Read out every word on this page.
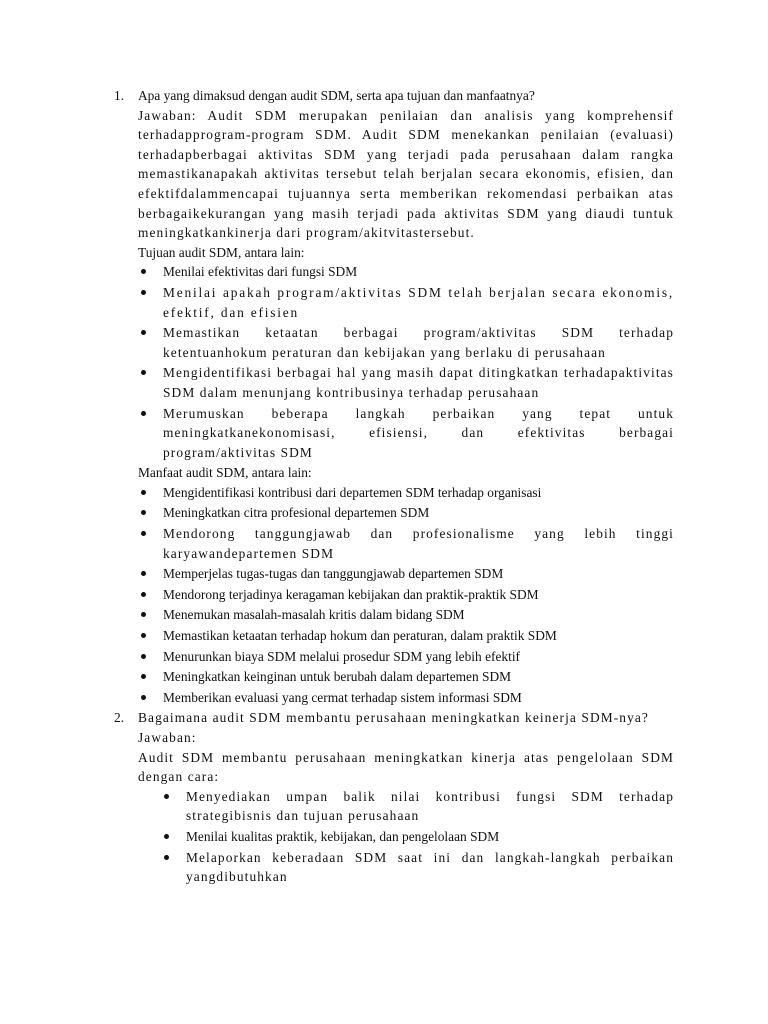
1.	Apa yang dimaksud dengan audit SDM, serta apa tujuan dan manfaatnya?

Jawaban: Audit SDM merupakan penilaian dan analisis yang komprehensif terhadapprogram-program SDM. Audit SDM menekankan penilaian (evaluasi) terhadapberbagai aktivitas SDM yang terjadi pada perusahaan dalam rangka memastikanapakah aktivitas tersebut telah berjalan secara ekonomis, efisien, dan efektifdalammencapai tujuannya serta memberikan rekomendasi perbaikan atas berbagaikekurangan yang masih terjadi pada aktivitas SDM yang diaudi tuntuk meningkatkankinerja dari program/akitvitastersebut.

Tujuan audit SDM, antara lain:

Menilai efektivitas dari fungsi SDM
Menilai apakah program/aktivitas SDM telah berjalan secara ekonomis, efektif, dan efisien
Memastikan ketaatan berbagai program/aktivitas SDM terhadap ketentuanhokum peraturan dan kebijakan yang berlaku di perusahaan
Mengidentifikasi berbagai hal yang masih dapat ditingkatkan terhadapaktivitas SDM dalam menunjang kontribusinya terhadap perusahaan
Merumuskan beberapa langkah perbaikan yang tepat untuk meningkatkanekonomisasi, efisiensi, dan efektivitas berbagai program/aktivitas SDM

Manfaat audit SDM, antara lain:

Mengidentifikasi kontribusi dari departemen SDM terhadap organisasi
Meningkatkan citra profesional departemen SDM
Mendorong tanggungjawab dan profesionalisme yang lebih tinggi karyawandepartemen SDM
Memperjelas tugas-tugas dan tanggungjawab departemen SDM
Mendorong terjadinya keragaman kebijakan dan praktik-praktik SDM
Menemukan masalah-masalah kritis dalam bidang SDM
Memastikan ketaatan terhadap hokum dan peraturan, dalam praktik SDM
Menurunkan biaya SDM melalui prosedur SDM yang lebih efektif
Meningkatkan keinginan untuk berubah dalam departemen SDM
Memberikan evaluasi yang cermat terhadap sistem informasi SDM
2.	Bagaimana audit SDM membantu perusahaan meningkatkan keinerja SDM-nya?

Jawaban:

Audit SDM membantu perusahaan meningkatkan kinerja atas pengelolaan SDM dengan cara:

Menyediakan umpan balik nilai kontribusi fungsi SDM terhadap strategibisnis dan tujuan perusahaan
Menilai kualitas praktik, kebijakan, dan pengelolaan SDM
Melaporkan keberadaan SDM saat ini dan langkah-langkah perbaikan yangdibutuhkan
